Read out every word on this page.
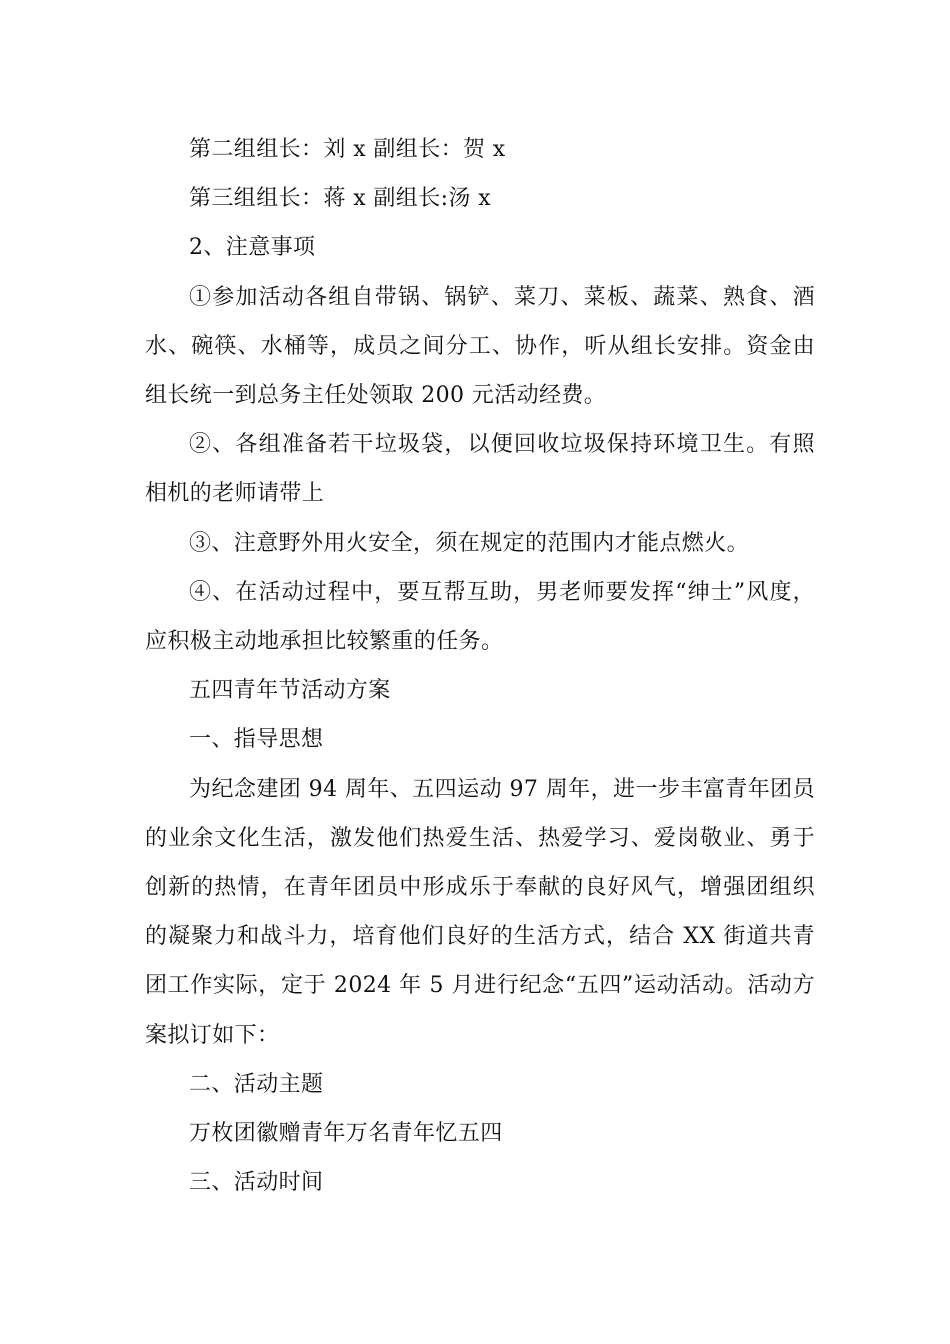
第二组组长：刘 x 副组长：贺 x

第三组组长：蒋 x 副组长:汤 x

2、注意事项

①参加活动各组自带锅、锅铲、菜刀、菜板、蔬菜、熟食、酒水、碗筷、水桶等，成员之间分工、协作，听从组长安排。资金由组长统一到总务主任处领取 200 元活动经费。

②、各组准备若干垃圾袋，以便回收垃圾保持环境卫生。有照相机的老师请带上

③、注意野外用火安全，须在规定的范围内才能点燃火。

④、在活动过程中，要互帮互助，男老师要发挥“绅士”风度，应积极主动地承担比较繁重的任务。

五四青年节活动方案

一、指导思想

为纪念建团 94 周年、五四运动 97 周年，进一步丰富青年团员的业余文化生活，激发他们热爱生活、热爱学习、爱岗敬业、勇于创新的热情，在青年团员中形成乐于奉献的良好风气，增强团组织的凝聚力和战斗力，培育他们良好的生活方式，结合 XX 街道共青团工作实际，定于 2024 年 5 月进行纪念“五四”运动活动。活动方案拟订如下：

二、活动主题

万枚团徽赠青年万名青年忆五四

三、活动时间
